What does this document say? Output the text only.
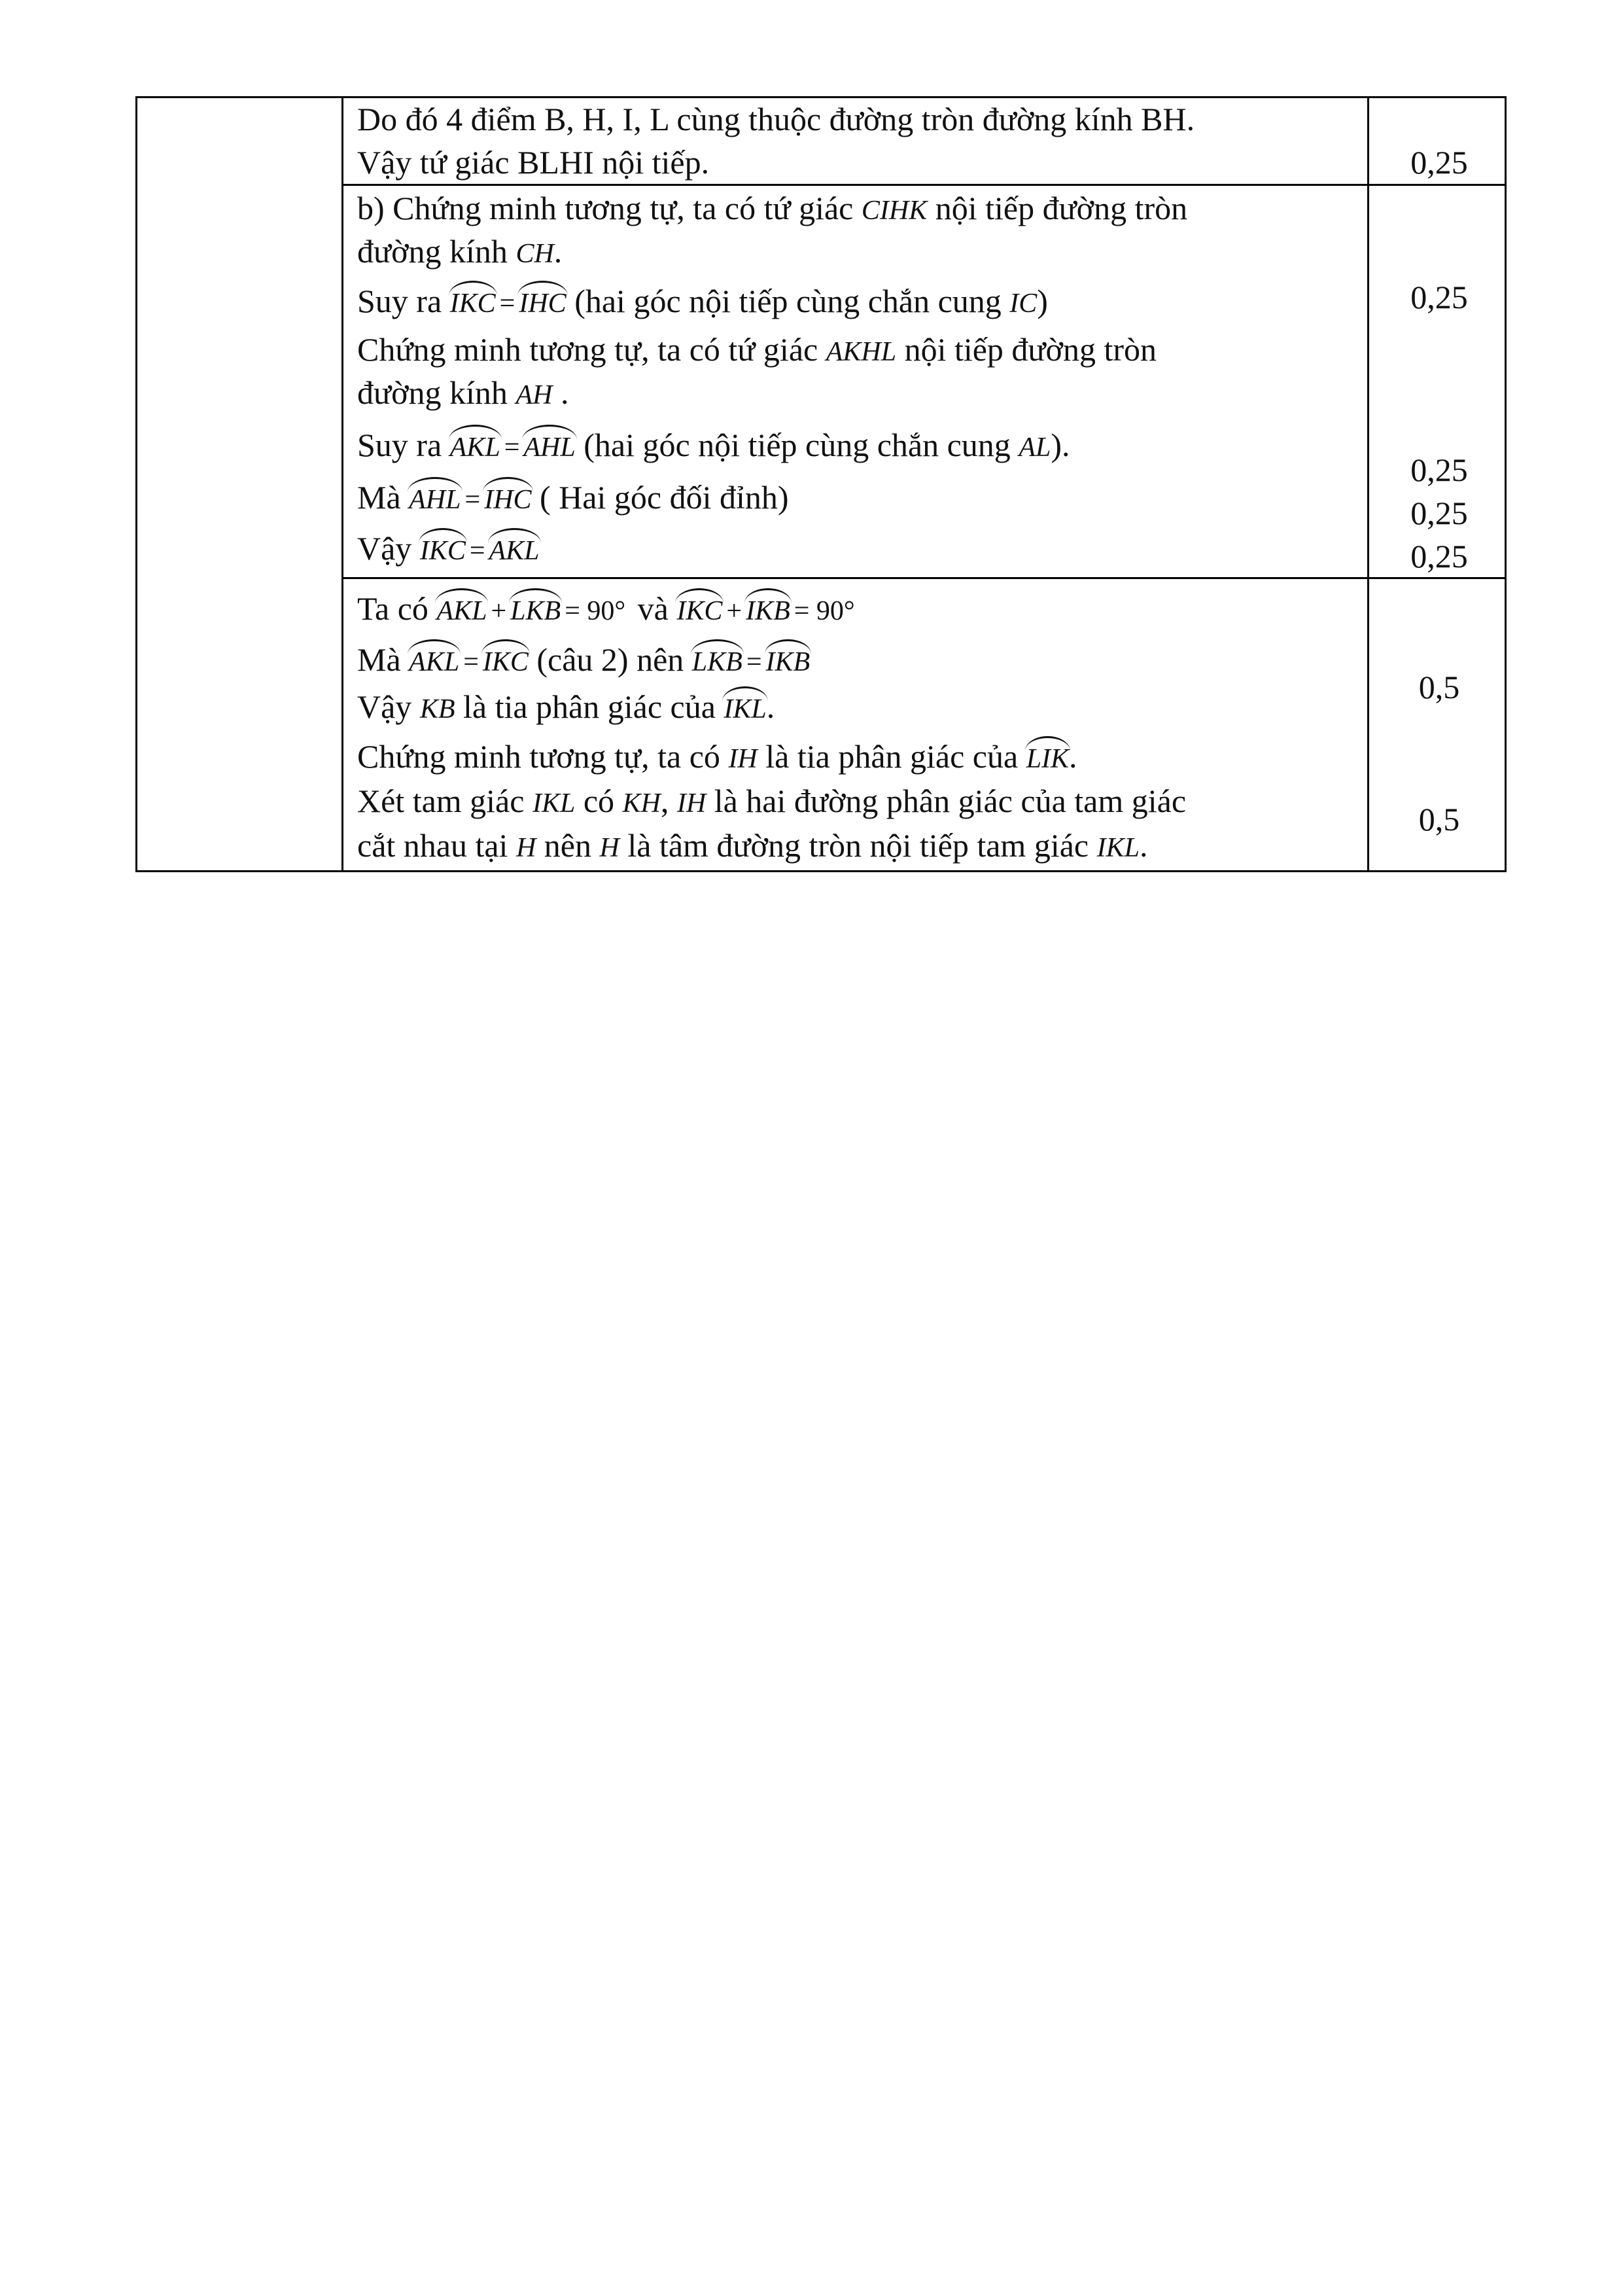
Do đó 4 điểm B, H, I, L cùng thuộc đường tròn đường kính BH.
Vậy tứ giác BLHI nội tiếp.	0,25
b) Chứng minh tương tự, ta có tứ giác CIHK nội tiếp đường tròn
đường kính CH.
Suy ra IKC = IHC (hai góc nội tiếp cùng chắn cung IC)
Chứng minh tương tự, ta có tứ giác AKHL nội tiếp đường tròn
đường kính AH .
Suy ra AKL = AHL (hai góc nội tiếp cùng chắn cung AL).
Mà AHL = IHC ( Hai góc đối đỉnh)
Vậy IKC = AKL
0,25
0,25
0,25
0,25
Ta có AKL + LKB = 90° và IKC + IKB = 90°
Mà AKL = IKC (câu 2) nên LKB = IKB
Vậy KB là tia phân giác của IKL.
Chứng minh tương tự, ta có IH là tia phân giác của LIK.
Xét tam giác IKL có KH, IH là hai đường phân giác của tam giác
cắt nhau tại H nên H là tâm đường tròn nội tiếp tam giác IKL.
0,5
0,5
